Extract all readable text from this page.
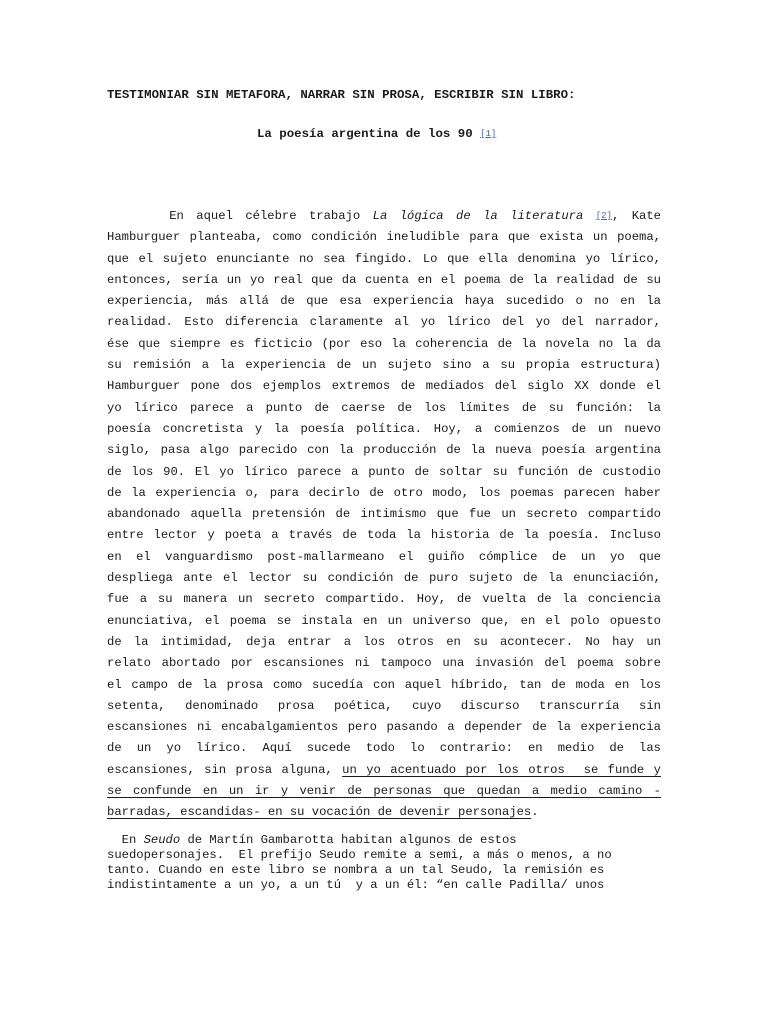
TESTIMONIAR SIN METAFORA, NARRAR SIN PROSA, ESCRIBIR SIN LIBRO:

La poesía argentina de los 90 [1]

En aquel célebre trabajo La lógica de la literatura [2], Kate
Hamburguer planteaba, como condición ineludible para que exista un poema,
que el sujeto enunciante no sea fingido. Lo que ella denomina yo lírico,
entonces, sería un yo real que da cuenta en el poema de la realidad de su
experiencia, más allá de que esa experiencia haya sucedido o no en la
realidad. Esto diferencia claramente al yo lírico del yo del narrador,
ése que siempre es ficticio (por eso la coherencia de la novela no la da
su remisión a la experiencia de un sujeto sino a su propia estructura)
Hamburguer pone dos ejemplos extremos de mediados del siglo XX donde el
yo lírico parece a punto de caerse de los límites de su función: la
poesía concretista y la poesía política. Hoy, a comienzos de un nuevo
siglo, pasa algo parecido con la producción de la nueva poesía argentina
de los 90. El yo lírico parece a punto de soltar su función de custodio
de la experiencia o, para decirlo de otro modo, los poemas parecen haber
abandonado aquella pretensión de intimismo que fue un secreto compartido
entre lector y poeta a través de toda la historia de la poesía. Incluso
en el vanguardismo post-mallarmeano el guiño cómplice de un yo que
despliega ante el lector su condición de puro sujeto de la enunciación,
fue a su manera un secreto compartido. Hoy, de vuelta de la conciencia
enunciativa, el poema se instala en un universo que, en el polo opuesto
de la intimidad, deja entrar a los otros en su acontecer. No hay un
relato abortado por escansiones ni tampoco una invasión del poema sobre
el campo de la prosa como sucedía con aquel híbrido, tan de moda en los
setenta, denominado prosa poética, cuyo discurso transcurría sin
escansiones ni encabalgamientos pero pasando a depender de la experiencia
de un yo lírico. Aquí sucede todo lo contrario: en medio de las
escansiones, sin prosa alguna, un yo acentuado por los otros  se funde y
se confunde en un ir y venir de personas que quedan a medio camino -
barradas, escandidas- en su vocación de devenir personajes.
En Seudo de Martín Gambarotta habitan algunos de estos
suedopersonajes.  El prefijo Seudo remite a semi, a más o menos, a no
tanto. Cuando en este libro se nombra a un tal Seudo, la remisión es
indistintamente a un yo, a un tú  y a un él: “en calle Padilla/ unos
